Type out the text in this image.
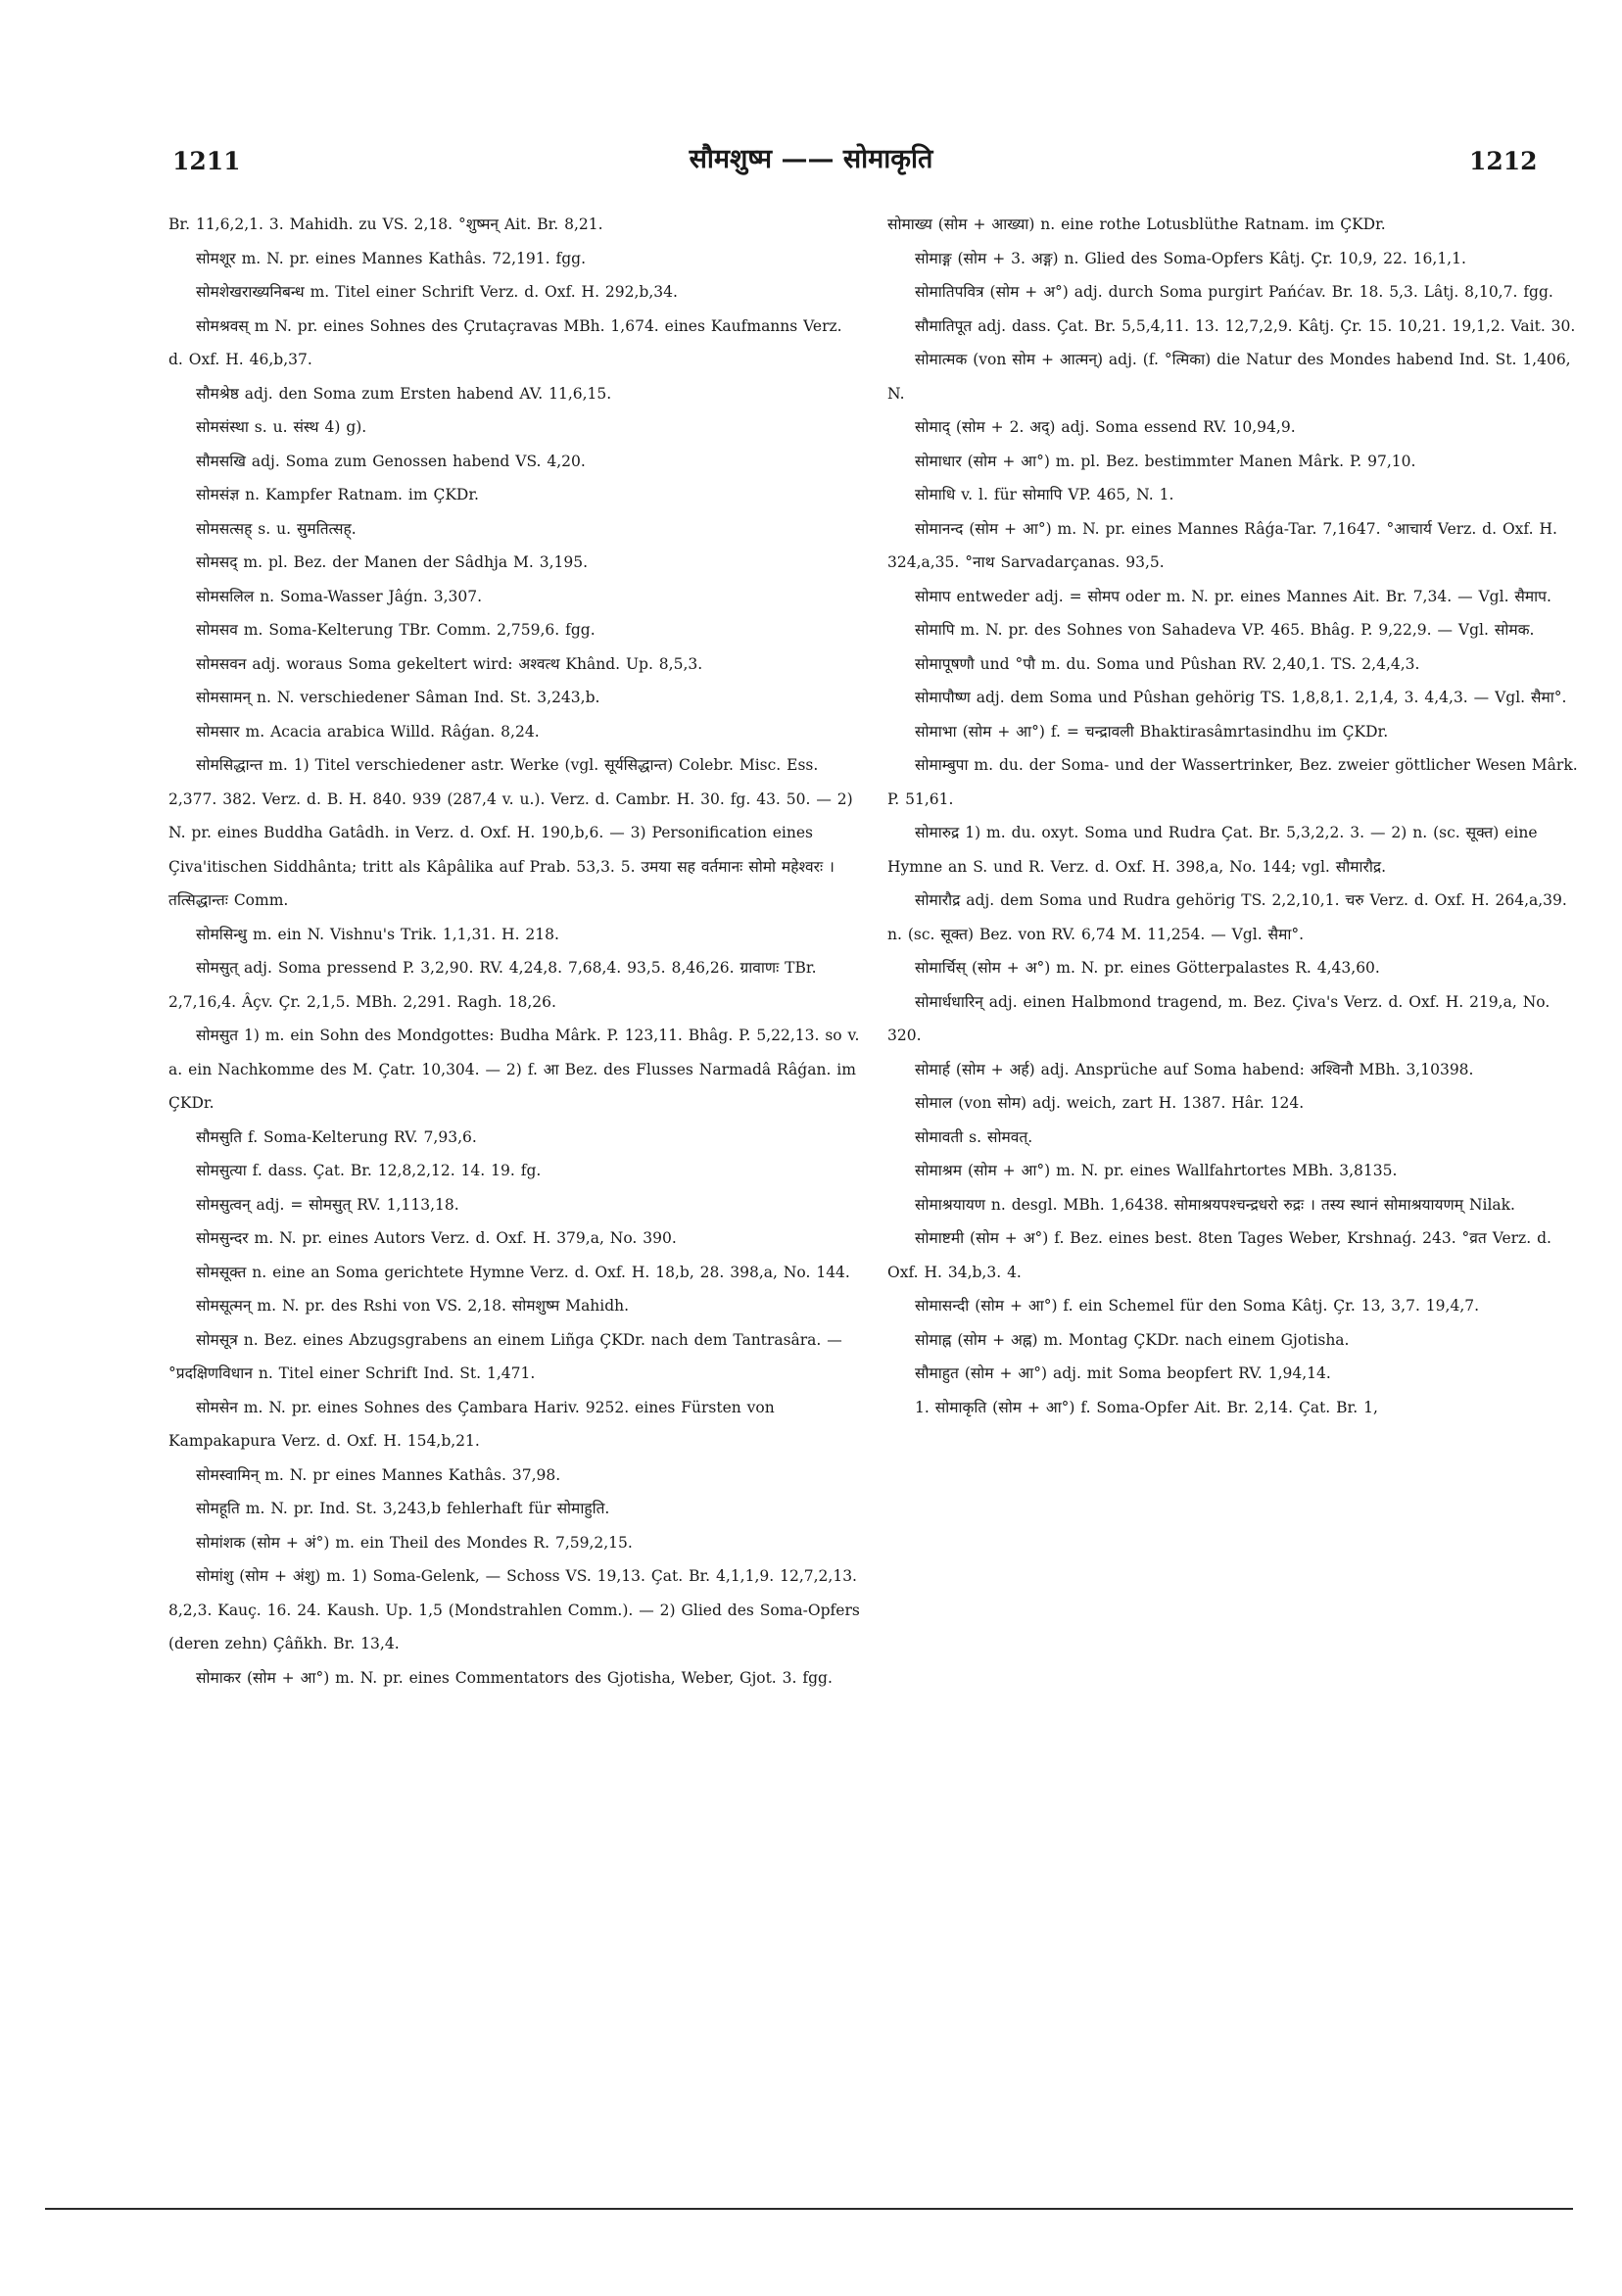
1211	सौमशुष्म —— सोमाकृति	1212

Br. 11,6,2,1. 3. Mahidh. zu VS. 2,18. °शुष्मन् Ait. Br. 8,21.

सोमशूर m. N. pr. eines Mannes Kathâs. 72,191. fgg.

सोमशेखराख्यनिबन्ध m. Titel einer Schrift Verz. d. Oxf. H. 292,b,34.

सोमश्रवस् m N. pr. eines Sohnes des Çrutaçravas MBh. 1,674. eines Kaufmanns Verz. d. Oxf. H. 46,b,37.

सौमश्रेष्ठ adj. den Soma zum Ersten habend AV. 11,6,15.

सोमसंस्था s. u. संस्थ 4) g).

सौमसखि adj. Soma zum Genossen habend VS. 4,20.

सोमसंज्ञ n. Kampfer Ratnam. im ÇKDr.

सोमसत्सह् s. u. सुमतित्सह्.

सोमसद् m. pl. Bez. der Manen der Sâdhja M. 3,195.

सोमसलिल n. Soma-Wasser Jâǵn. 3,307.

सोमसव m. Soma-Kelterung TBr. Comm. 2,759,6. fgg.

सोमसवन adj. woraus Soma gekeltert wird: अश्वत्थ Khând. Up. 8,5,3.

सोमसामन् n. N. verschiedener Sâman Ind. St. 3,243,b.

सोमसार m. Acacia arabica Willd. Râǵan. 8,24.

सोमसिद्धान्त m. 1) Titel verschiedener astr. Werke (vgl. सूर्यसिद्धान्त) Colebr. Misc. Ess. 2,377. 382. Verz. d. B. H. 840. 939 (287,4 v. u.). Verz. d. Cambr. H. 30. fg. 43. 50. — 2) N. pr. eines Buddha Gatâdh. in Verz. d. Oxf. H. 190,b,6. — 3) Personification eines Çiva'itischen Siddhânta; tritt als Kâpâlika auf Prab. 53,3. 5. उमया सह वर्तमानः सोमो महेश्वरः । तत्सिद्धान्तः Comm.

सोमसिन्धु m. ein N. Vishnu's Trik. 1,1,31. H. 218.

सोमसुत् adj. Soma pressend P. 3,2,90. RV. 4,24,8. 7,68,4. 93,5. 8,46,26. ग्रावाणः TBr. 2,7,16,4. Âçv. Çr. 2,1,5. MBh. 2,291. Ragh. 18,26.

सोमसुत 1) m. ein Sohn des Mondgottes: Budha Mârk. P. 123,11. Bhâg. P. 5,22,13. so v. a. ein Nachkomme des M. Çatr. 10,304. — 2) f. आ Bez. des Flusses Narmadâ Râǵan. im ÇKDr.

सौमसुति f. Soma-Kelterung RV. 7,93,6.

सोमसुत्या f. dass. Çat. Br. 12,8,2,12. 14. 19. fg.

सोमसुत्वन् adj. = सोमसुत् RV. 1,113,18.

सोमसुन्दर m. N. pr. eines Autors Verz. d. Oxf. H. 379,a, No. 390.

सोमसूक्त n. eine an Soma gerichtete Hymne Verz. d. Oxf. H. 18,b, 28. 398,a, No. 144.

सोमसूत्मन् m. N. pr. des Rshi von VS. 2,18. सोमशुष्म Mahidh.

सोमसूत्र n. Bez. eines Abzugsgrabens an einem Liñga ÇKDr. nach dem Tantrasâra. — °प्रदक्षिणविधान n. Titel einer Schrift Ind. St. 1,471.

सोमसेन m. N. pr. eines Sohnes des Çambara Hariv. 9252. eines Fürsten von Kampakapura Verz. d. Oxf. H. 154,b,21.

सोमस्वामिन् m. N. pr eines Mannes Kathâs. 37,98.

सोमहूति m. N. pr. Ind. St. 3,243,b fehlerhaft für सोमाहुति.

सोमांशक (सोम + अं°) m. ein Theil des Mondes R. 7,59,2,15.

सोमांशु (सोम + अंशु) m. 1) Soma-Gelenk, — Schoss VS. 19,13. Çat. Br. 4,1,1,9. 12,7,2,13. 8,2,3. Kauç. 16. 24. Kaush. Up. 1,5 (Mondstrahlen Comm.). — 2) Glied des Soma-Opfers (deren zehn) Çâñkh. Br. 13,4.

सोमाकर (सोम + आ°) m. N. pr. eines Commentators des Gjotisha, Weber, Gjot. 3. fgg.

सोमाख्य (सोम + आख्या) n. eine rothe Lotusblüthe Ratnam. im ÇKDr.

सोमाङ्ग (सोम + 3. अङ्ग) n. Glied des Soma-Opfers Kâtj. Çr. 10,9, 22. 16,1,1.

सोमातिपवित्र (सोम + अ°) adj. durch Soma purgirt Pańćav. Br. 18. 5,3. Lâtj. 8,10,7. fgg.

सौमातिपूत adj. dass. Çat. Br. 5,5,4,11. 13. 12,7,2,9. Kâtj. Çr. 15. 10,21. 19,1,2. Vait. 30.

सोमात्मक (von सोम + आत्मन्) adj. (f. °त्मिका) die Natur des Mondes habend Ind. St. 1,406, N.

सोमाद् (सोम + 2. अद्) adj. Soma essend RV. 10,94,9.

सोमाधार (सोम + आ°) m. pl. Bez. bestimmter Manen Mârk. P. 97,10.

सोमाधि v. l. für सोमापि VP. 465, N. 1.

सोमानन्द (सोम + आ°) m. N. pr. eines Mannes Râǵa-Tar. 7,1647. °आचार्य Verz. d. Oxf. H. 324,a,35. °नाथ Sarvadarçanas. 93,5.

सोमाप entweder adj. = सोमप oder m. N. pr. eines Mannes Ait. Br. 7,34. — Vgl. सैमाप.

सोमापि m. N. pr. des Sohnes von Sahadeva VP. 465. Bhâg. P. 9,22,9. — Vgl. सोमक.

सोमापूषणौ und °पौ m. du. Soma und Pûshan RV. 2,40,1. TS. 2,4,4,3.

सोमापौष्ण adj. dem Soma und Pûshan gehörig TS. 1,8,8,1. 2,1,4, 3. 4,4,3. — Vgl. सैमा°.

सोमाभा (सोम + आ°) f. = चन्द्रावली Bhaktirasâmrtasindhu im ÇKDr.

सोमाम्बुपा m. du. der Soma- und der Wassertrinker, Bez. zweier göttlicher Wesen Mârk. P. 51,61.

सोमारुद्र 1) m. du. oxyt. Soma und Rudra Çat. Br. 5,3,2,2. 3. — 2) n. (sc. सूक्त) eine Hymne an S. und R. Verz. d. Oxf. H. 398,a, No. 144; vgl. सौमारौद्र.

सोमारौद्र adj. dem Soma und Rudra gehörig TS. 2,2,10,1. चरु Verz. d. Oxf. H. 264,a,39. n. (sc. सूक्त) Bez. von RV. 6,74 M. 11,254. — Vgl. सैमा°.

सोमार्चिस् (सोम + अ°) m. N. pr. eines Götterpalastes R. 4,43,60.

सोमार्धधारिन् adj. einen Halbmond tragend, m. Bez. Çiva's Verz. d. Oxf. H. 219,a, No. 320.

सोमार्ह (सोम + अर्ह) adj. Ansprüche auf Soma habend: अश्विनौ MBh. 3,10398.

सोमाल (von सोम) adj. weich, zart H. 1387. Hâr. 124.

सोमावती s. सोमवत्.

सोमाश्रम (सोम + आ°) m. N. pr. eines Wallfahrtortes MBh. 3,8135.

सोमाश्रयायण n. desgl. MBh. 1,6438. सोमाश्रयपश्चन्द्रधरो रुद्रः । तस्य स्थानं सोमाश्रयायणम् Nilak.

सोमाष्टमी (सोम + अ°) f. Bez. eines best. 8ten Tages Weber, Krshnaǵ. 243. °व्रत Verz. d. Oxf. H. 34,b,3. 4.

सोमासन्दी (सोम + आ°) f. ein Schemel für den Soma Kâtj. Çr. 13, 3,7. 19,4,7.

सोमाह्न (सोम + अह्न) m. Montag ÇKDr. nach einem Gjotisha.

सौमाहुत (सोम + आ°) adj. mit Soma beopfert RV. 1,94,14.

1. सोमाकृति (सोम + आ°) f. Soma-Opfer Ait. Br. 2,14. Çat. Br. 1,
